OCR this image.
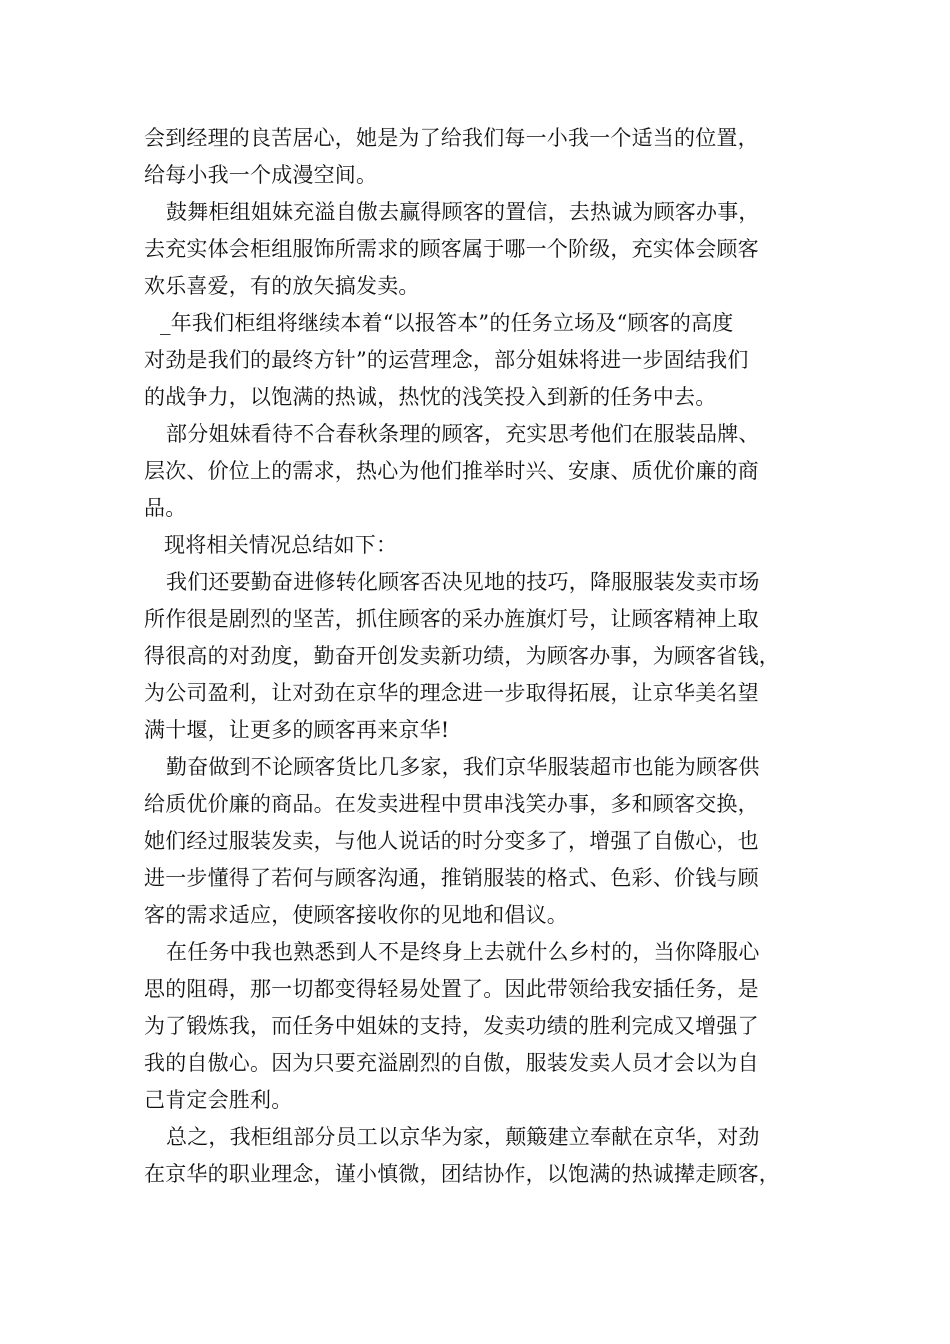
会到经理的良苦居心，她是为了给我们每一小我一个适当的位置，
给每小我一个成漫空间。
鼓舞柜组姐妹充溢自傲去赢得顾客的置信，去热诚为顾客办事，
去充实体会柜组服饰所需求的顾客属于哪一个阶级，充实体会顾客
欢乐喜爱，有的放矢搞发卖。
_年我们柜组将继续本着“以报答本”的任务立场及“顾客的高度
对劲是我们的最终方针”的运营理念，部分姐妹将进一步固结我们
的战争力，以饱满的热诚，热忱的浅笑投入到新的任务中去。
部分姐妹看待不合春秋条理的顾客，充实思考他们在服装品牌、
层次、价位上的需求，热心为他们推举时兴、安康、质优价廉的商
品。
现将相关情况总结如下：
我们还要勤奋进修转化顾客否决见地的技巧，降服服装发卖市场
所作很是剧烈的坚苦，抓住顾客的采办旌旗灯号，让顾客精神上取
得很高的对劲度，勤奋开创发卖新功绩，为顾客办事，为顾客省钱，
为公司盈利，让对劲在京华的理念进一步取得拓展，让京华美名望
满十堰，让更多的顾客再来京华!
勤奋做到不论顾客货比几多家，我们京华服装超市也能为顾客供
给质优价廉的商品。在发卖进程中贯串浅笑办事，多和顾客交换，
她们经过服装发卖，与他人说话的时分变多了，增强了自傲心，也
进一步懂得了若何与顾客沟通，推销服装的格式、色彩、价钱与顾
客的需求适应，使顾客接收你的见地和倡议。
在任务中我也熟悉到人不是终身上去就什么乡村的，当你降服心
思的阻碍，那一切都变得轻易处置了。因此带领给我安插任务，是
为了锻炼我，而任务中姐妹的支持，发卖功绩的胜利完成又增强了
我的自傲心。因为只要充溢剧烈的自傲，服装发卖人员才会以为自
己肯定会胜利。
总之，我柜组部分员工以京华为家，颠簸建立奉献在京华，对劲
在京华的职业理念，谨小慎微，团结协作，以饱满的热诚撵走顾客，
